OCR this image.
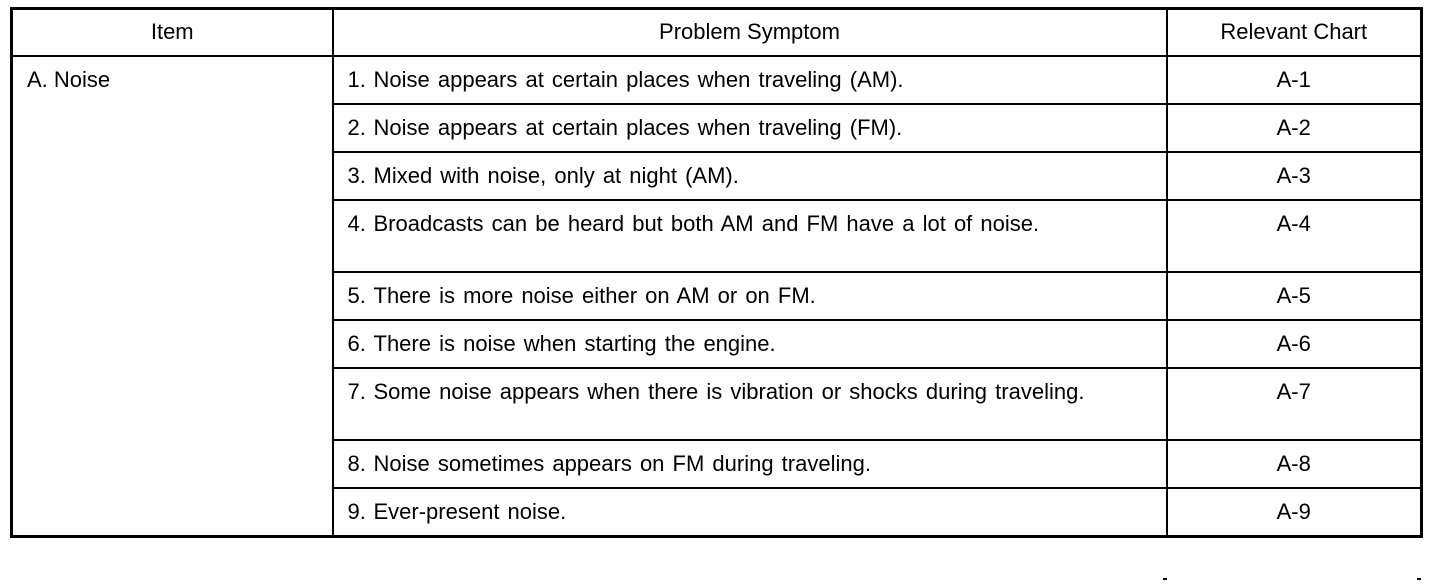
Item	Problem Symptom	Relevant Chart
A. Noise	1. Noise appears at certain places when traveling (AM).	A-1

	2. Noise appears at certain places when traveling (FM).	A-2

	3. Mixed with noise, only at night (AM).	A-3

	4. Broadcasts can be heard but both AM and FM have a lot of noise.	A-4

	5. There is more noise either on AM or on FM.	A-5

	6. There is noise when starting the engine.	A-6

	7. Some noise appears when there is vibration or shocks during traveling.	A-7

	8. Noise sometimes appears on FM during traveling.	A-8

	9. Ever-present noise.	A-9
